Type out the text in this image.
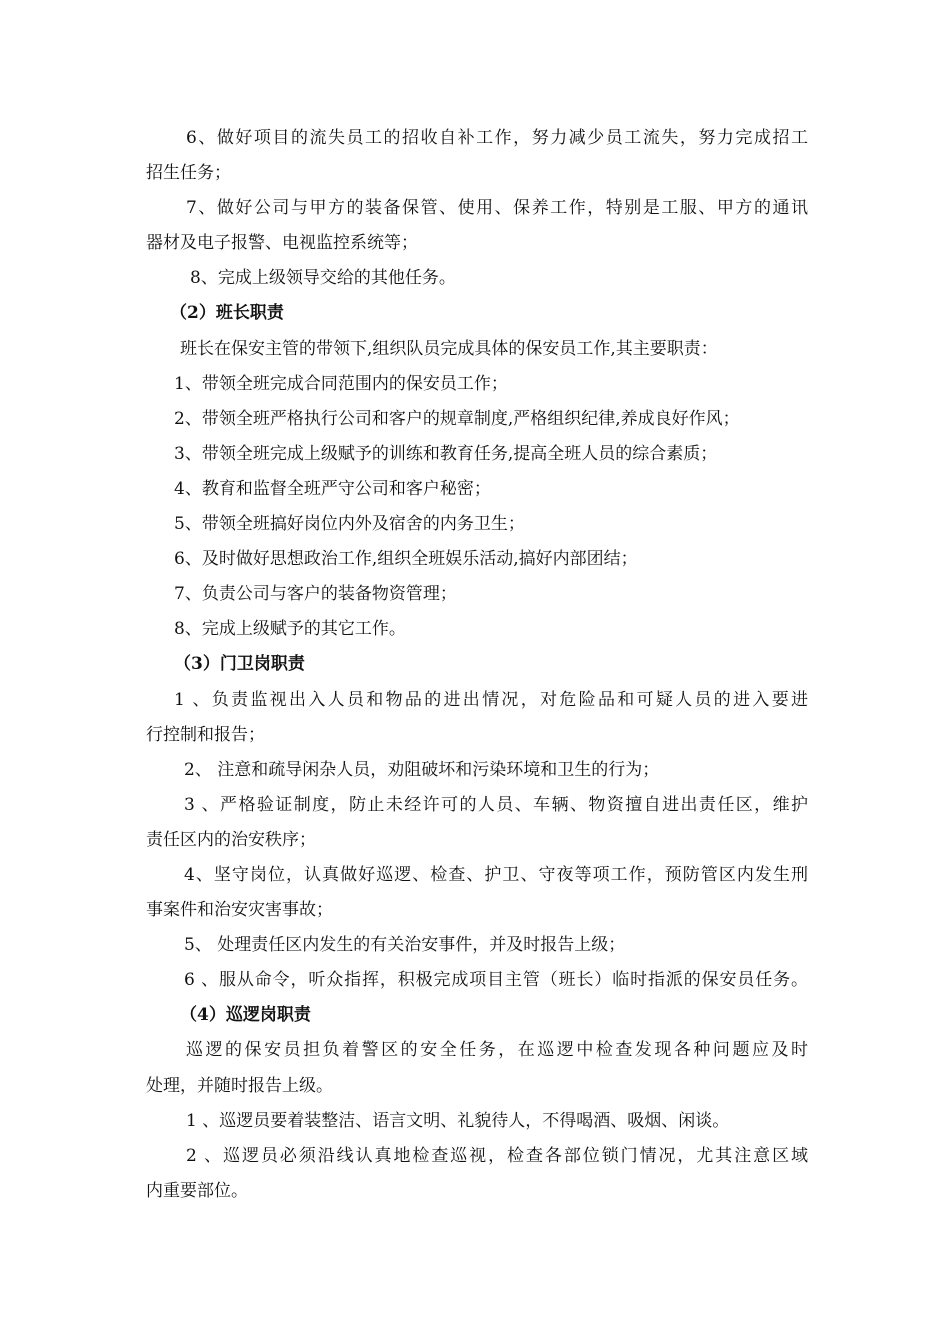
6、做好项目的流失员工的招收自补工作，努力减少员工流失，努力完成招工
招生任务；
7、做好公司与甲方的装备保管、使用、保养工作，特别是工服、甲方的通讯
器材及电子报警、电视监控系统等；
8、完成上级领导交给的其他任务。
（2）班长职责
班长在保安主管的带领下,组织队员完成具体的保安员工作,其主要职责：
1、带领全班完成合同范围内的保安员工作；
2、带领全班严格执行公司和客户的规章制度,严格组织纪律,养成良好作风；
3、带领全班完成上级赋予的训练和教育任务,提高全班人员的综合素质；
4、教育和监督全班严守公司和客户秘密；
5、带领全班搞好岗位内外及宿舍的内务卫生；
6、及时做好思想政治工作,组织全班娱乐活动,搞好内部团结；
7、负责公司与客户的装备物资管理；
8、完成上级赋予的其它工作。
（3）门卫岗职责
1 、负责监视出入人员和物品的进出情况，对危险品和可疑人员的进入要进
行控制和报告；
2、 注意和疏导闲杂人员，劝阻破坏和污染环境和卫生的行为；
3 、严格验证制度，防止未经许可的人员、车辆、物资擅自进出责任区，维护
责任区内的治安秩序；
4、坚守岗位，认真做好巡逻、检查、护卫、守夜等项工作，预防管区内发生刑
事案件和治安灾害事故；
5、 处理责任区内发生的有关治安事件，并及时报告上级；
6 、服从命令，听众指挥，积极完成项目主管（班长）临时指派的保安员任务。
（4）巡逻岗职责
巡逻的保安员担负着警区的安全任务，在巡逻中检查发现各种问题应及时
处理，并随时报告上级。
1 、巡逻员要着装整洁、语言文明、礼貌待人，不得喝酒、吸烟、闲谈。
2 、巡逻员必须沿线认真地检查巡视，检查各部位锁门情况，尤其注意区域
内重要部位。
